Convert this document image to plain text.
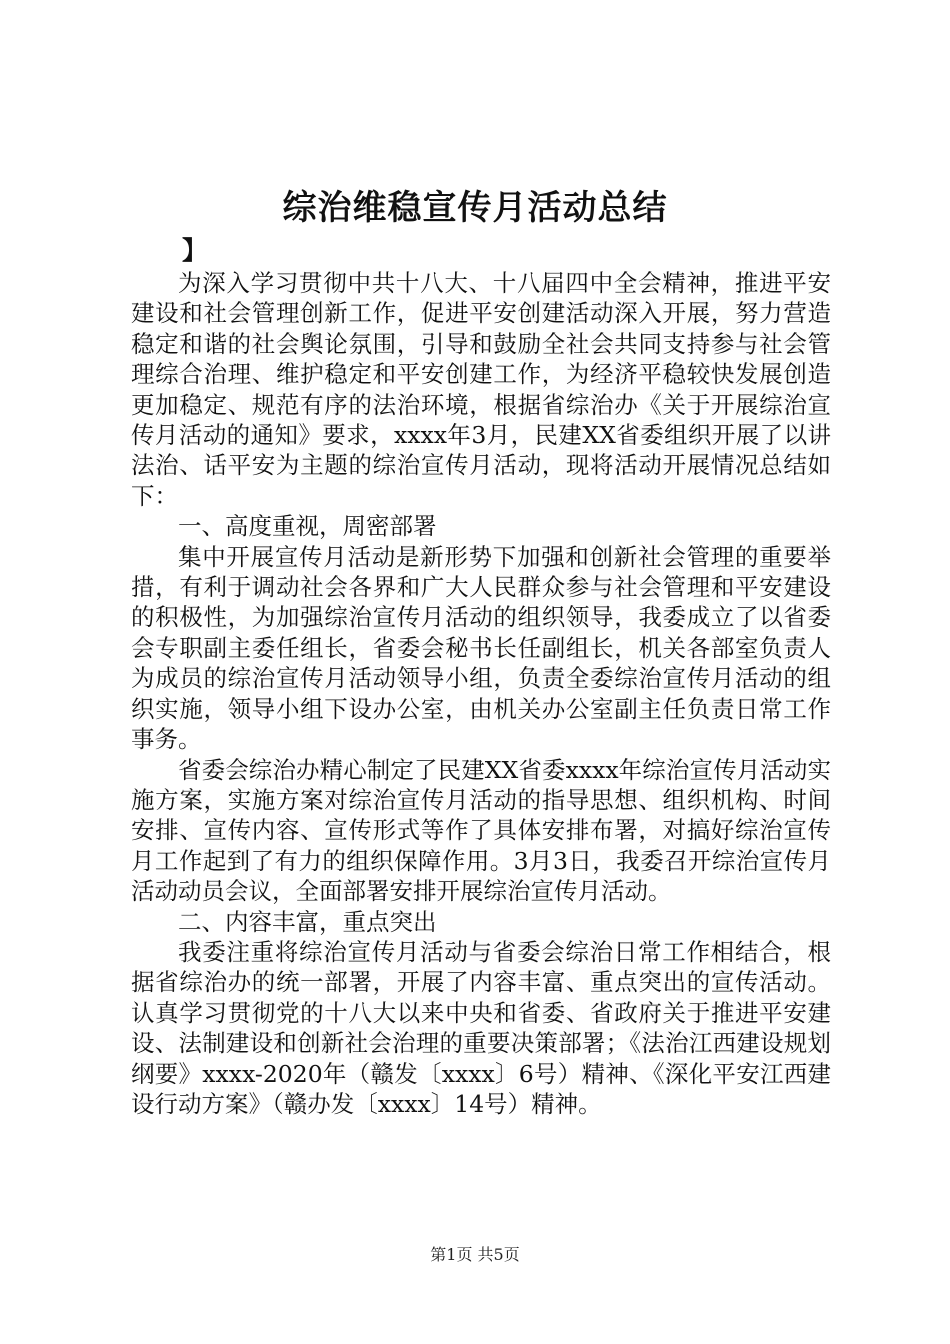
综治维稳宣传月活动总结
】

为深入学习贯彻中共十八大、十八届四中全会精神，推进平安建设和社会管理创新工作，促进平安创建活动深入开展，努力营造稳定和谐的社会舆论氛围，引导和鼓励全社会共同支持参与社会管理综合治理、维护稳定和平安创建工作，为经济平稳较快发展创造更加稳定、规范有序的法治环境，根据省综治办《关于开展综治宣传月活动的通知》要求，xxxx年3月，民建XX省委组织开展了以讲法治、话平安为主题的综治宣传月活动，现将活动开展情况总结如下：

一、高度重视，周密部署

集中开展宣传月活动是新形势下加强和创新社会管理的重要举措，有利于调动社会各界和广大人民群众参与社会管理和平安建设的积极性，为加强综治宣传月活动的组织领导，我委成立了以省委会专职副主委任组长，省委会秘书长任副组长，机关各部室负责人为成员的综治宣传月活动领导小组，负责全委综治宣传月活动的组织实施，领导小组下设办公室，由机关办公室副主任负责日常工作事务。

省委会综治办精心制定了民建XX省委xxxx年综治宣传月活动实施方案，实施方案对综治宣传月活动的指导思想、组织机构、时间安排、宣传内容、宣传形式等作了具体安排布署，对搞好综治宣传月工作起到了有力的组织保障作用。3月3日，我委召开综治宣传月活动动员会议，全面部署安排开展综治宣传月活动。

二、内容丰富，重点突出

我委注重将综治宣传月活动与省委会综治日常工作相结合，根据省综治办的统一部署，开展了内容丰富、重点突出的宣传活动。认真学习贯彻党的十八大以来中央和省委、省政府关于推进平安建设、法制建设和创新社会治理的重要决策部署；《法治江西建设规划纲要》xxxx-2020年（赣发〔xxxx〕6号）精神、《深化平安江西建设行动方案》（赣办发〔xxxx〕14号）精神。

第1页 共5页
